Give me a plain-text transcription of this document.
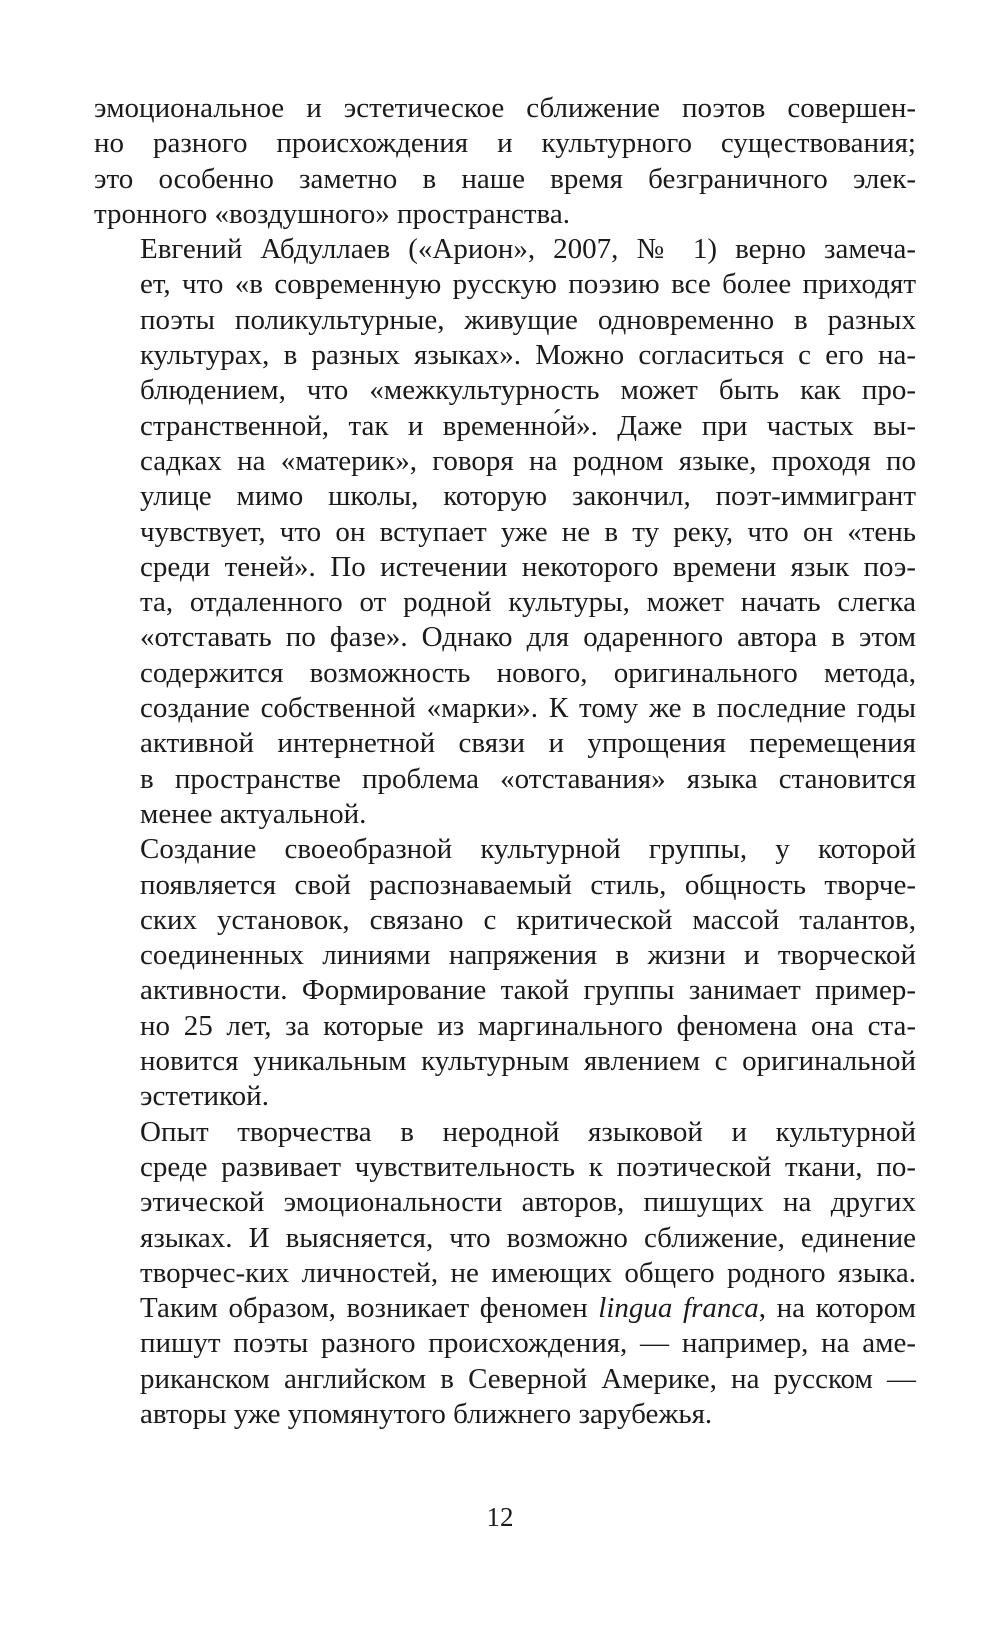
эмоциональное и эстетическое сближение поэтов совершен-
но разного происхождения и культурного существования;
это особенно заметно в наше время безграничного элек-
тронного «воздушного» пространства.
Евгений Абдуллаев («Арион», 2007, № 1) верно замеча-
ет, что «в современную русскую поэзию все более приходят
поэты поликультурные, живущие одновременно в разных
культурах, в разных языках». Можно согласиться с его на-
блюдением, что «межкультурность может быть как про-
странственной, так и временно́й». Даже при частых вы-
садках на «материк», говоря на родном языке, проходя по
улице мимо школы, которую закончил, поэт-иммигрант
чувствует, что он вступает уже не в ту реку, что он «тень
среди теней». По истечении некоторого времени язык поэ-
та, отдаленного от родной культуры, может начать слегка
«отставать по фазе». Однако для одаренного автора в этом
содержится возможность нового, оригинального метода,
создание собственной «марки». К тому же в последние годы
активной интернетной связи и упрощения перемещения
в пространстве проблема «отставания» языка становится
менее актуальной.
Создание своеобразной культурной группы, у которой
появляется свой распознаваемый стиль, общность творче-
ских установок, связано с критической массой талантов,
соединенных линиями напряжения в жизни и творческой
активности. Формирование такой группы занимает пример-
но 25 лет, за которые из маргинального феномена она ста-
новится уникальным культурным явлением с оригинальной
эстетикой.
Опыт творчества в неродной языковой и культурной
среде развивает чувствительность к поэтической ткани, по-
этической эмоциональности авторов, пишущих на других
языках. И выясняется, что возможно сближение, единение
творчес-ких личностей, не имеющих общего родного языка.
Таким образом, возникает феномен lingua franca, на котором
пишут поэты разного происхождения, — например, на аме-
риканском английском в Северной Америке, на русском —
авторы уже упомянутого ближнего зарубежья.
12
